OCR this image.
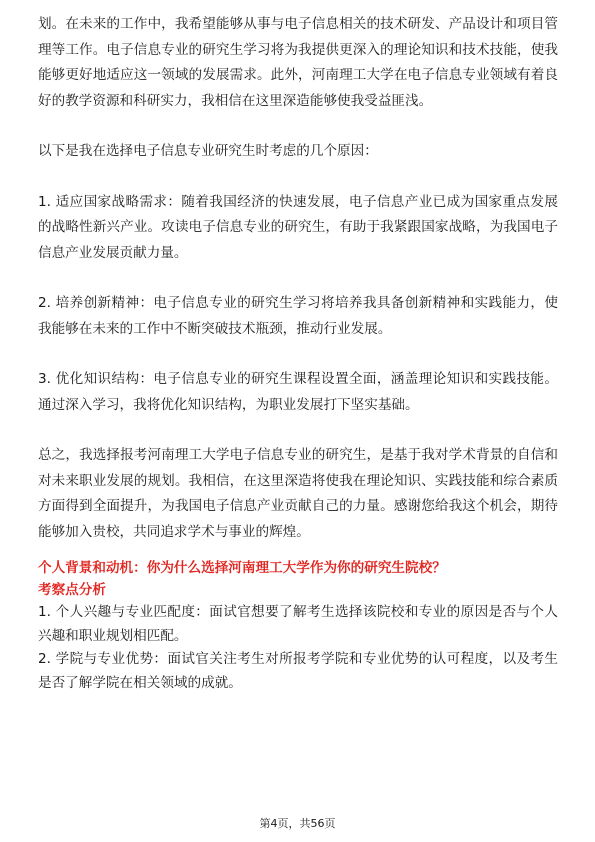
划。在未来的工作中，我希望能够从事与电子信息相关的技术研发、产品设计和项目管理等工作。电子信息专业的研究生学习将为我提供更深入的理论知识和技术技能，使我能够更好地适应这一领域的发展需求。此外，河南理工大学在电子信息专业领域有着良好的教学资源和科研实力，我相信在这里深造能够使我受益匪浅。

以下是我在选择电子信息专业研究生时考虑的几个原因：

1. 适应国家战略需求：随着我国经济的快速发展，电子信息产业已成为国家重点发展的战略性新兴产业。攻读电子信息专业的研究生，有助于我紧跟国家战略，为我国电子信息产业发展贡献力量。

2. 培养创新精神：电子信息专业的研究生学习将培养我具备创新精神和实践能力，使我能够在未来的工作中不断突破技术瓶颈，推动行业发展。

3. 优化知识结构：电子信息专业的研究生课程设置全面，涵盖理论知识和实践技能。通过深入学习，我将优化知识结构，为职业发展打下坚实基础。

总之，我选择报考河南理工大学电子信息专业的研究生，是基于我对学术背景的自信和对未来职业发展的规划。我相信，在这里深造将使我在理论知识、实践技能和综合素质方面得到全面提升，为我国电子信息产业贡献自己的力量。感谢您给我这个机会，期待能够加入贵校，共同追求学术与事业的辉煌。

个人背景和动机：你为什么选择河南理工大学作为你的研究生院校？

考察点分析

1. 个人兴趣与专业匹配度：面试官想要了解考生选择该院校和专业的原因是否与个人兴趣和职业规划相匹配。

2. 学院与专业优势：面试官关注考生对所报考学院和专业优势的认可程度，以及考生是否了解学院在相关领域的成就。

第4页，共56页
